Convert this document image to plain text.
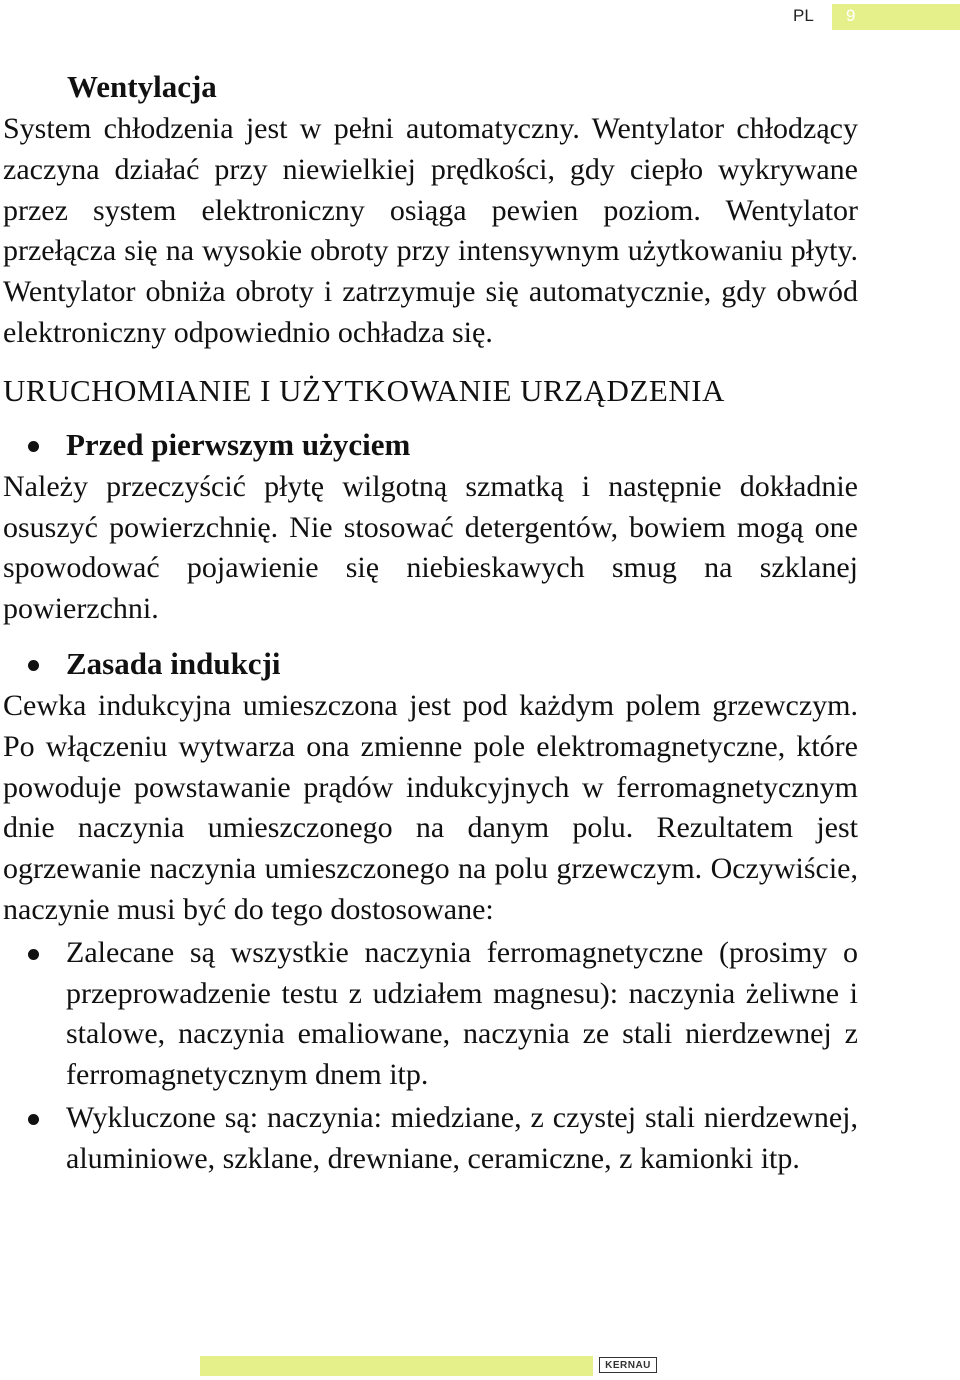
PL 9

Wentylacja

System chłodzenia jest w pełni automatyczny. Wentylator chłodzący zaczyna działać przy niewielkiej prędkości, gdy ciepło wykrywane przez system elektroniczny osiąga pewien poziom. Wentylator przełącza się na wysokie obroty przy intensywnym użytkowaniu płyty. Wentylator obniża obroty i zatrzymuje się automatycznie, gdy obwód elektroniczny odpowiednio ochładza się.

URUCHOMIANIE I UŻYTKOWANIE URZĄDZENIA

Przed pierwszym użyciem

Należy przeczyścić płytę wilgotną szmatką i następnie dokładnie osuszyć powierzchnię. Nie stosować detergentów, bowiem mogą one spowodować pojawienie się niebieskawych smug na szklanej powierzchni.

Zasada indukcji

Cewka indukcyjna umieszczona jest pod każdym polem grzewczym. Po włączeniu wytwarza ona zmienne pole elektromagnetyczne, które powoduje powstawanie prądów indukcyjnych w ferromagnetycznym dnie naczynia umieszczonego na danym polu. Rezultatem jest ogrzewanie naczynia umieszczonego na polu grzewczym. Oczywiście, naczynie musi być do tego dostosowane:

Zalecane są wszystkie naczynia ferromagnetyczne (prosimy o przeprowadzenie testu z udziałem magnesu): naczynia żeliwne i stalowe, naczynia emaliowane, naczynia ze stali nierdzewnej z ferromagnetycznym dnem itp.
Wykluczone są: naczynia: miedziane, z czystej stali nierdzewnej, aluminiowe, szklane, drewniane, ceramiczne, z kamionki itp.
KERNAU
